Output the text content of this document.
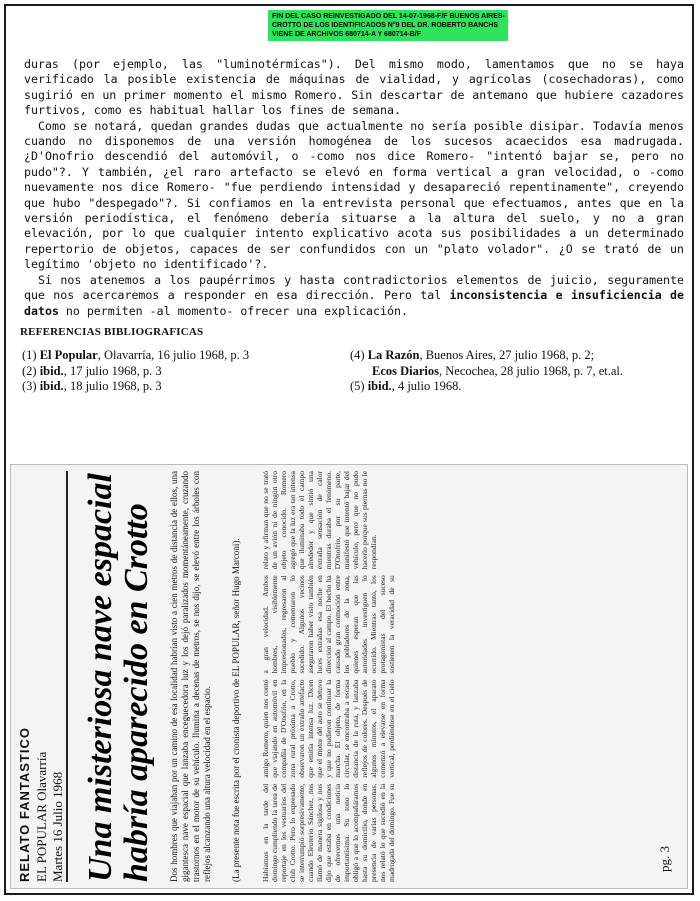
FIN DEL CASO REINVESTIGADO DEL 14-07-1968-F/F BUENOS AIRES-
CROTTO DE LOS IDENTIFICADOS N°9 DEL DR. ROBERTO BANCHS
VIENE DE ARCHIVOS 680714-A Y 680714-B/F

duras (por ejemplo, las "luminotérmicas"). Del mismo modo, lamentamos que no se haya verificado la posible existencia de máquinas de vialidad, y agrícolas (cosechadoras), como sugirió en un primer momento el mismo Romero. Sin descartar de antemano que hubiere cazadores furtivos, como es habitual hallar los fines de semana.

Como se notará, quedan grandes dudas que actualmente no sería posible disipar. Todavía menos cuando no disponemos de una versión homogénea de los sucesos acaecidos esa madrugada. ¿D'Onofrio descendió del automóvil, o -como nos dice Romero- "intentó bajar se, pero no pudo"?. Y también, ¿el raro artefacto se elevó en forma vertical a gran velocidad, o -como nuevamente nos dice Romero- "fue perdiendo intensidad y desapareció repentinamente", creyendo que hubo "despegado"?. Si confiamos en la entrevista personal que efectuamos, antes que en la versión periodística, el fenómeno debería situarse a la altura del suelo, y no a gran elevación, por lo que cualquier intento explicativo acota sus posibilidades a un determinado repertorio de objetos, capaces de ser confundidos con un "plato volador". ¿O se trató de un legítimo 'objeto no identificado'?.

Si nos atenemos a los paupérrimos y hasta contradictorios elementos de juicio, seguramente que nos acercaremos a responder en esa dirección. Pero tal inconsistencia e insuficiencia de datos no permiten -al momento- ofrecer una explicación.

REFERENCIAS BIBLIOGRAFICAS
(1) El Popular, Olavarría, 16 julio 1968, p. 3
(2) ibid., 17 julio 1968, p. 3
(3) ibid., 18 julio 1968, p. 3
(4) La Razón, Buenos Aires, 27 julio 1968, p. 2;
Ecos Diarios, Necochea, 28 julio 1968, p. 7, et.al.
(5) ibid., 4 julio 1968.
RELATO FANTASTICO EL POPULAR Olavarría Martes 16 Julio 1968 Una misteriosa nave espacial habría aparecido en Crotto Dos hombres que viajaban por un camino de esa localidad habrían visto a cien metros de distancia de ellos, una gigantesca nave espacial que lanzaba enceguecedora luz y los dejó paralizados momentáneamente, cruzando trastornos en el motor de su vehículo. Ilumina a decenas de metros, se nos dijo, se elevó entre los árboles con reflejos alcanzando una altura velocidad en el espacio. (La presente nota fue escrita por el cronista deportivo de EL POPULAR, señor Hugo Marconi).	Habíamos en la tarde del domingo cumpliendo la tarea de reportaje en los vestuarios del club Crotto. Pero lo expresado se interrumpió sorpresivamente, cuando Eleuterio Sánchez, nos llamó de manera sigilosa y nos dijo que estaba en condiciones de ofrecernos una noticia importantísima. Su tono lo obligó a que lo acompañáramos hasta su domicilio, donde en presencia de varias personas, nos relató lo que sucedió en la madrugada del domingo. Fue su amigo Romero, quien nos contó que viajando en automóvil en compañía de D'Onofrio, en la zona rural próxima a Crotto, observaron un extraño artefacto que emitía intensa luz. Dicen que el motor del auto se detuvo y que no pudieron continuar la marcha. El objeto, de forma circular, se encontraba a escasa distancia de la ruta, y lanzaba reflejos de colores. Después de algunos minutos, el aparato comenzó a elevarse en forma vertical, perdiéndose en el cielo a gran velocidad. Ambos hombres, visiblemente impresionados, regresaron al pueblo y comentaron lo sucedido. Algunos vecinos aseguraron haber visto también luces extrañas esa noche en dirección al campo. El hecho ha causado gran conmoción entre los pobladores de la zona, quienes esperan que las autoridades investiguen lo ocurrido. Mientras tanto, los protagonistas del suceso sostienen la veracidad de su relato y afirman que no se trató de un avión ni de ningún otro objeto conocido. Romero agregó que la luz era tan intensa que iluminaba todo el campo alrededor y que sintió una extraña sensación de calor mientras duraba el fenómeno. D'Onofrio, por su parte, manifestó que intentó bajar del vehículo, pero que no pudo hacerlo porque sus piernas no le respondían.
pg. 3
